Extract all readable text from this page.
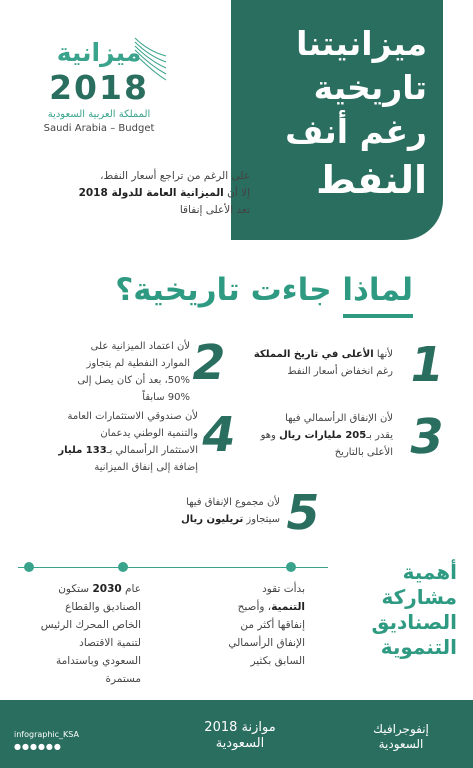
ميزانيتنا
تاريخية
رغم أنف
النفط
ميزانية
2018
المملكة العربية السعودية
Saudi Arabia – Budget
على الرغم من تراجع أسعار النفط،
إلا أن الميزانية العامة للدولة 2018
تعد الأعلى إنفاقا
لماذا جاءت تاريخية؟
1
لأنها الأعلى في تاريخ المملكة
رغم انخفاض أسعار النفط
2
لأن اعتماد الميزانية على
الموارد النفطية لم يتجاوز
50%، بعد أن كان يصل إلى
90% سابقاً
3
لأن الإنفاق الرأسمالي فيها
يقدر بـ205 مليارات ريال وهو
الأعلى بالتاريخ
4
لأن صندوقي الاستثمارات العامة
والتنمية الوطني يدعمان
الاستثمار الرأسمالي بـ133 مليار
إضافة إلى إنفاق الميزانية
5
لأن مجموع الإنفاق فيها
سيتجاوز تريليون ريال
بدأت تقود
التنمية، وأصبح
إنفاقها أكثر من
الإنفاق الرأسمالي
السابق بكثير
عام 2030 ستكون
الصناديق والقطاع
الخاص المحرك الرئيس
لتنمية الاقتصاد
السعودي وباستدامة
مستمرة
أهمية
مشاركة
الصناديق
التنموية
infographic_KSA
●●●●●●
موازنة 2018
السعودية
إنفوجرافيك
السعودية
